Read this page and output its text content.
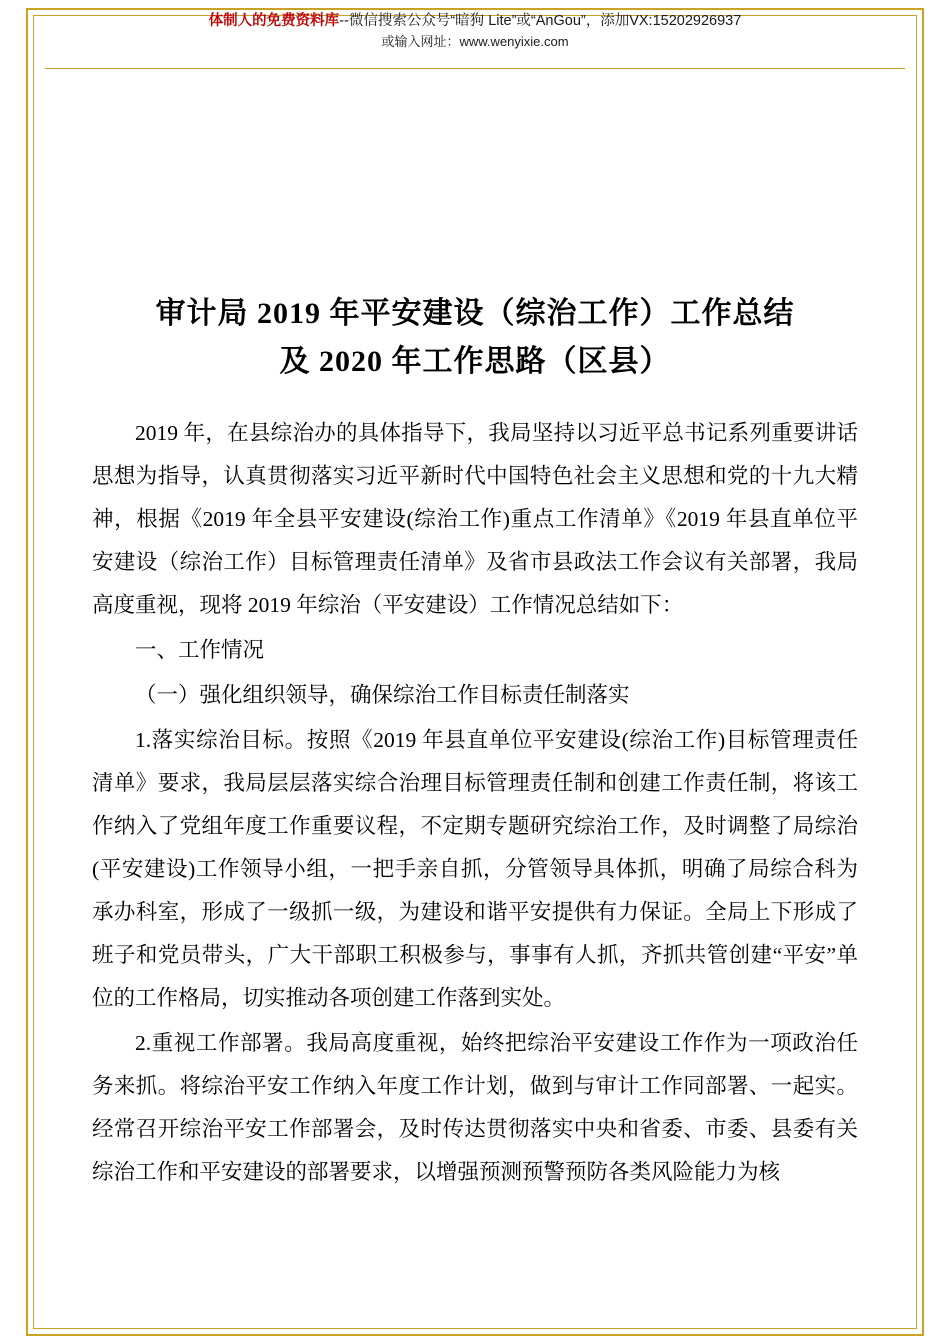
体制人的免费资料库--微信搜索公众号“暗狗 Lite”或“AnGou”，添加VX:15202926937
或输入网址：www.wenyixie.com
审计局 2019 年平安建设（综治工作）工作总结
及 2020 年工作思路（区县）

2019 年，在县综治办的具体指导下，我局坚持以习近平总书记系列重要讲话思想为指导，认真贯彻落实习近平新时代中国特色社会主义思想和党的十九大精神，根据《2019 年全县平安建设(综治工作)重点工作清单》《2019 年县直单位平安建设（综治工作）目标管理责任清单》及省市县政法工作会议有关部署，我局高度重视，现将 2019 年综治（平安建设）工作情况总结如下：

一、工作情况

（一）强化组织领导，确保综治工作目标责任制落实

1.落实综治目标。按照《2019 年县直单位平安建设(综治工作)目标管理责任清单》要求，我局层层落实综合治理目标管理责任制和创建工作责任制，将该工作纳入了党组年度工作重要议程，不定期专题研究综治工作，及时调整了局综治(平安建设)工作领导小组，一把手亲自抓，分管领导具体抓，明确了局综合科为承办科室，形成了一级抓一级，为建设和谐平安提供有力保证。全局上下形成了班子和党员带头，广大干部职工积极参与，事事有人抓，齐抓共管创建“平安”单位的工作格局，切实推动各项创建工作落到实处。

2.重视工作部署。我局高度重视，始终把综治平安建设工作作为一项政治任务来抓。将综治平安工作纳入年度工作计划，做到与审计工作同部署、一起实。经常召开综治平安工作部署会，及时传达贯彻落实中央和省委、市委、县委有关综治工作和平安建设的部署要求，以增强预测预警预防各类风险能力为核
